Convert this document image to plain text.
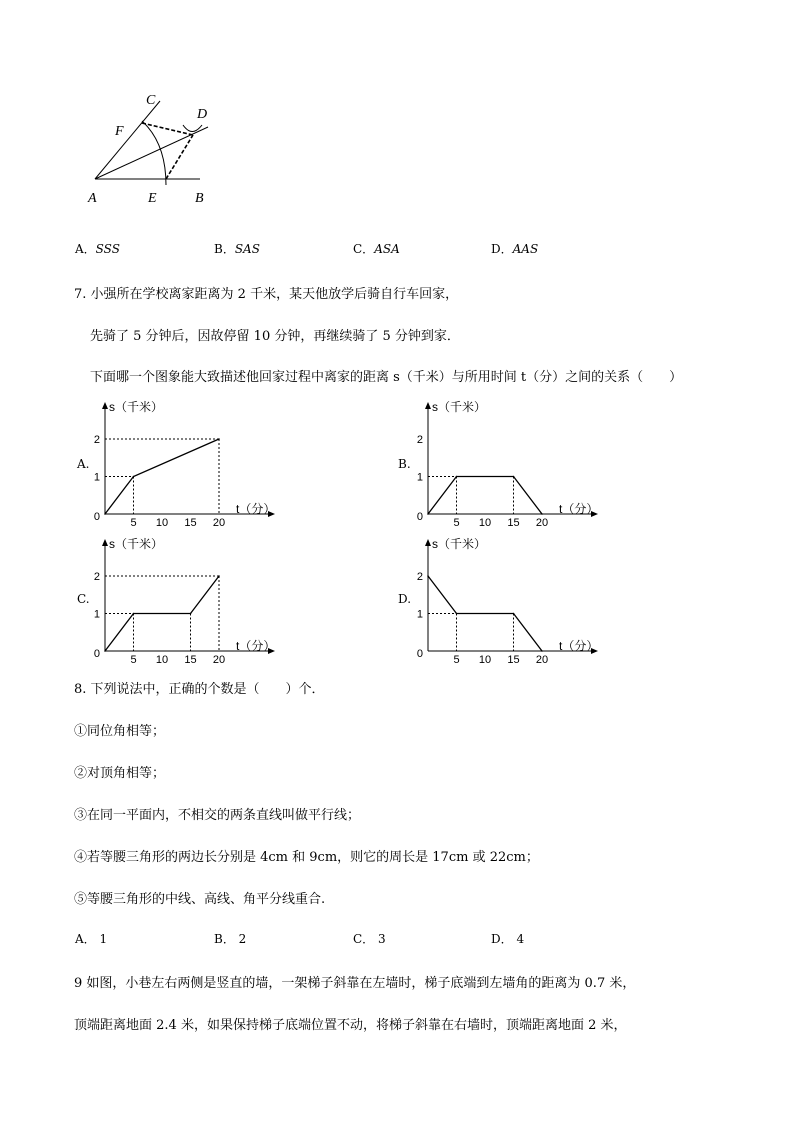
C
F
D
A	E	B
A．SSS	B．SAS	C．ASA	D．AAS
7. 小强所在学校离家距离为 2 千米，某天他放学后骑自行车回家，
先骑了 5 分钟后，因故停留 10 分钟，再继续骑了 5 分钟到家．
下面哪一个图象能大致描述他回家过程中离家的距离 s（千米）与所用时间 t（分）之间的关系（　　）
A.	B.
C.	D.
s（千米）
t（分）
0	5 10 15 20
1
2
s（千米）
t（分）
0	5 10 15 20
1
2
s（千米）
t（分）
0	5 10 15 20
1
2
s（千米）
t（分）
0	5 10 15 20
1
2
8. 下列说法中，正确的个数是（　　）个．
①同位角相等；
②对顶角相等；
③在同一平面内，不相交的两条直线叫做平行线；
④若等腰三角形的两边长分别是 4cm 和 9cm，则它的周长是 17cm 或 22cm；
⑤等腰三角形的中线、高线、角平分线重合.
A． 1	B． 2	C． 3	D． 4
9 如图，小巷左右两侧是竖直的墙，一架梯子斜靠在左墙时，梯子底端到左墙角的距离为 0.7 米，
顶端距离地面 2.4 米，如果保持梯子底端位置不动，将梯子斜靠在右墙时，顶端距离地面 2 米，
